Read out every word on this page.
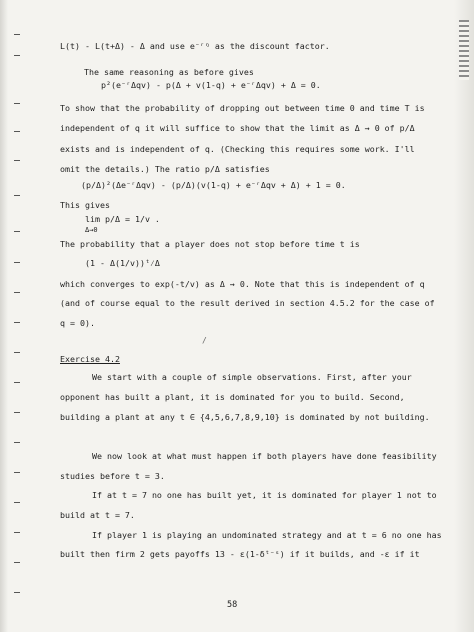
L(t) - L(t+Δ) - Δ and use e⁻ʳᵑ as the discount factor.
The same reasoning as before gives
p²(e⁻ʳΔqv) - p(Δ + v(1-q) + e⁻ʳΔqv) + Δ = 0.
To show that the probability of dropping out between time 0 and time T is
independent of q it will suffice to show that the limit as Δ → 0 of p/Δ
exists and is independent of q. (Checking this requires some work. I'll
omit the details.) The ratio p/Δ satisfies
(p/Δ)²(Δe⁻ʳΔqv) - (p/Δ)(v(1-q) + e⁻ʳΔqv + Δ) + 1 = 0.
This gives
lim p/Δ = 1/v .
Δ→0
The probability that a player does not stop before time t is
(1 - Δ(1/v))ᵗ⁄Δ
which converges to exp(-t/v) as Δ → 0. Note that this is independent of q
(and of course equal to the result derived in section 4.5.2 for the case of
q = 0).
/
Exercise 4.2
We start with a couple of simple observations. First, after your
opponent has built a plant, it is dominated for you to build. Second,
building a plant at any t ∈ {4,5,6,7,8,9,10} is dominated by not building.
We now look at what must happen if both players have done feasibility
studies before t = 3.
If at t = 7 no one has built yet, it is dominated for player 1 not to
build at t = 7.
If player 1 is playing an undominated strategy and at t = 6 no one has
built then firm 2 gets payoffs 13 - ε(1-δᵗ⁻ˢ) if it builds, and -ε if it
58
